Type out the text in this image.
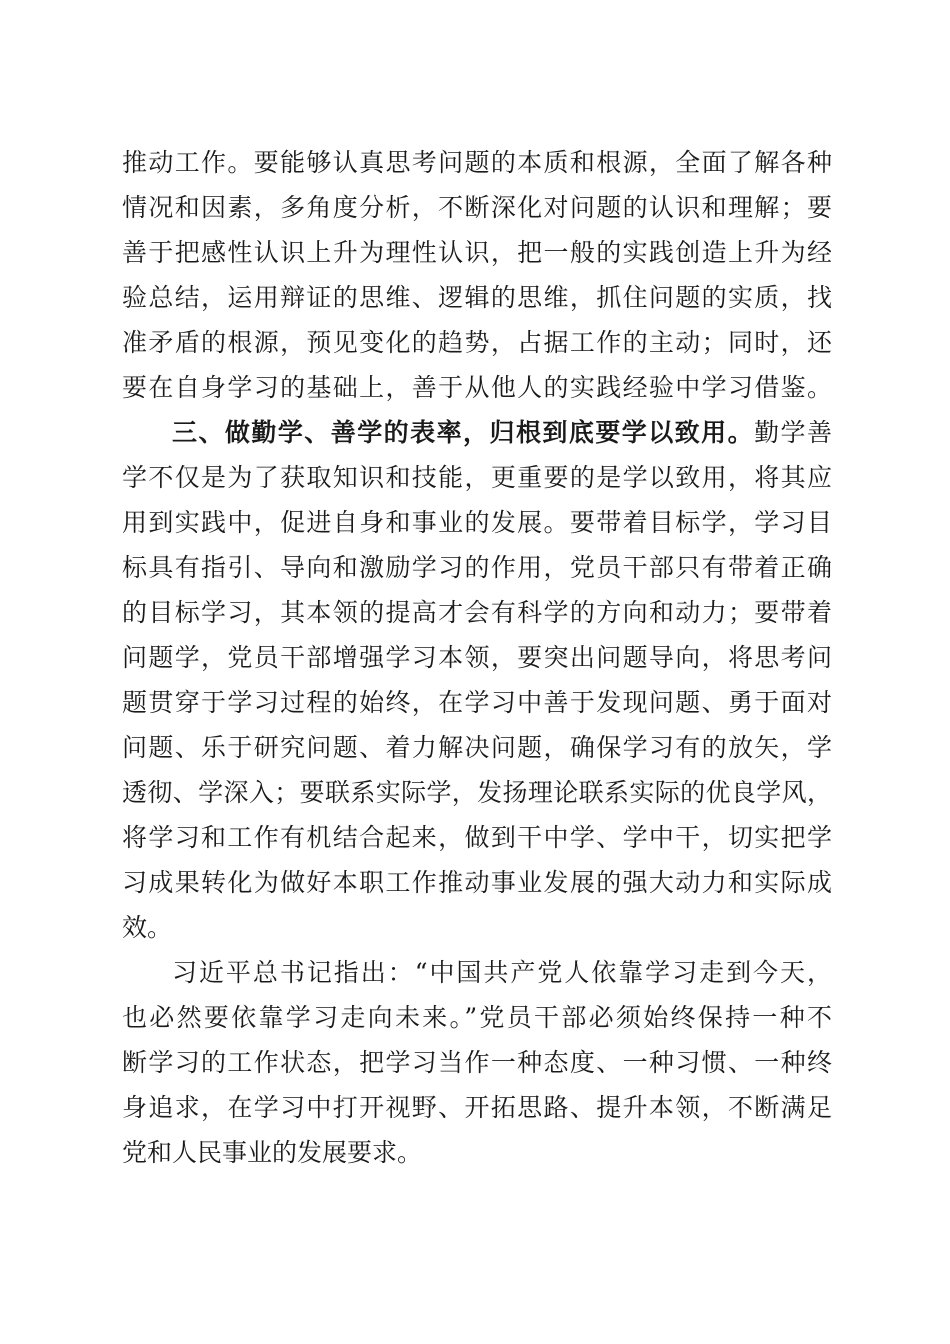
推动工作。要能够认真思考问题的本质和根源，全面了解各种
情况和因素，多角度分析，不断深化对问题的认识和理解；要
善于把感性认识上升为理性认识，把一般的实践创造上升为经
验总结，运用辩证的思维、逻辑的思维，抓住问题的实质，找
准矛盾的根源，预见变化的趋势，占据工作的主动；同时，还
要在自身学习的基础上，善于从他人的实践经验中学习借鉴。
三、做勤学、善学的表率，归根到底要学以致用。勤学善
学不仅是为了获取知识和技能，更重要的是学以致用，将其应
用到实践中，促进自身和事业的发展。要带着目标学，学习目
标具有指引、导向和激励学习的作用，党员干部只有带着正确
的目标学习，其本领的提高才会有科学的方向和动力；要带着
问题学，党员干部增强学习本领，要突出问题导向，将思考问
题贯穿于学习过程的始终，在学习中善于发现问题、勇于面对
问题、乐于研究问题、着力解决问题，确保学习有的放矢，学
透彻、学深入；要联系实际学，发扬理论联系实际的优良学风，
将学习和工作有机结合起来，做到干中学、学中干，切实把学
习成果转化为做好本职工作推动事业发展的强大动力和实际成
效。
习近平总书记指出：“中国共产党人依靠学习走到今天，
也必然要依靠学习走向未来。”党员干部必须始终保持一种不
断学习的工作状态，把学习当作一种态度、一种习惯、一种终
身追求，在学习中打开视野、开拓思路、提升本领，不断满足
党和人民事业的发展要求。
